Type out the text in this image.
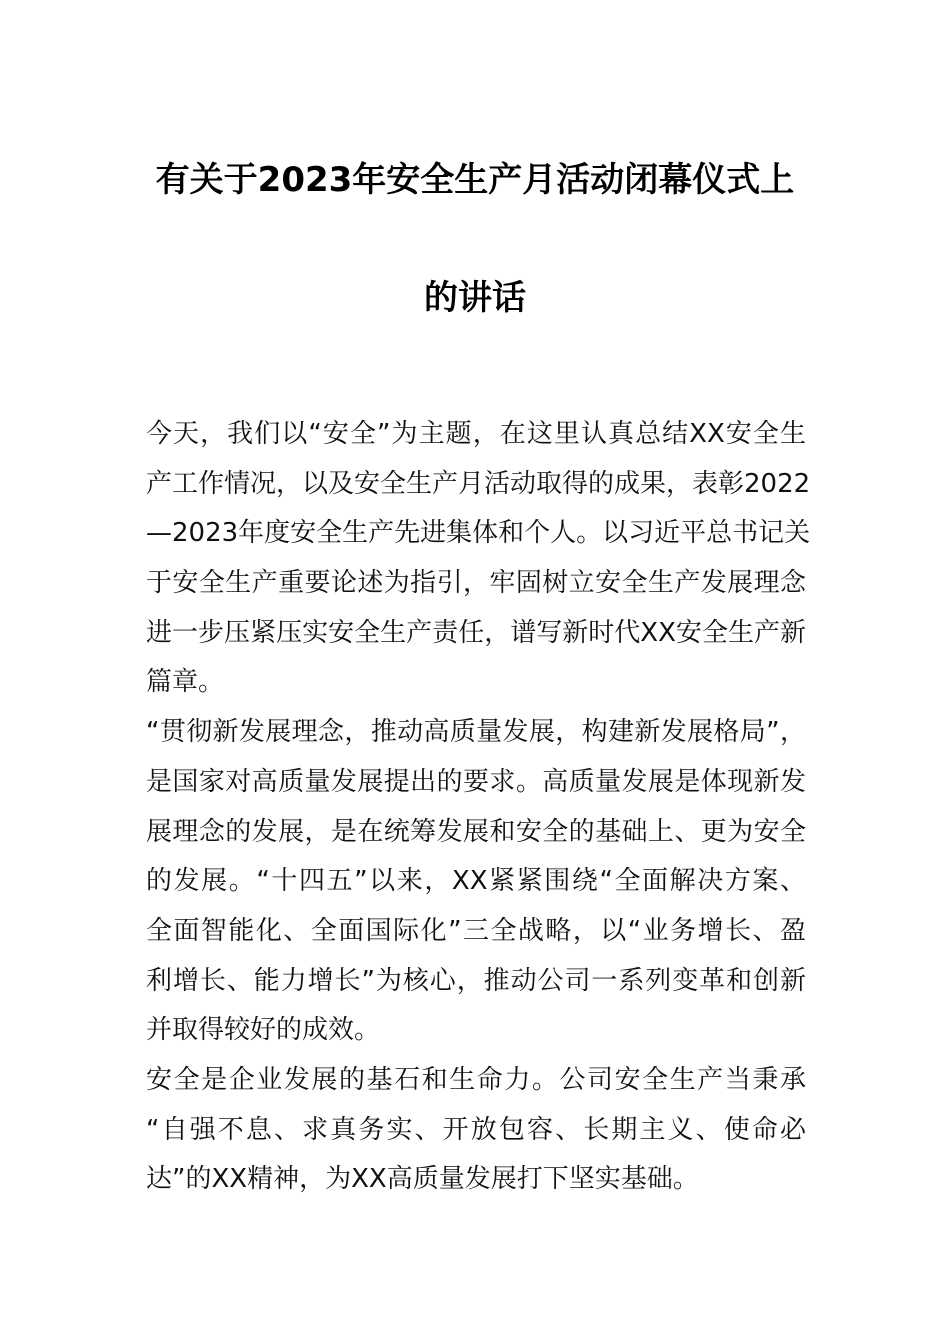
有关于2023年安全生产月活动闭幕仪式上
的讲话
今天，我们以“安全”为主题，在这里认真总结XX安全生
产工作情况，以及安全生产月活动取得的成果，表彰2022
—2023年度安全生产先进集体和个人。以习近平总书记关
于安全生产重要论述为指引，牢固树立安全生产发展理念
进一步压紧压实安全生产责任，谱写新时代XX安全生产新
篇章。
“贯彻新发展理念，推动高质量发展，构建新发展格局”，
是国家对高质量发展提出的要求。高质量发展是体现新发
展理念的发展，是在统筹发展和安全的基础上、更为安全
的发展。“十四五”以来，XX紧紧围绕“全面解决方案、
全面智能化、全面国际化”三全战略，以“业务增长、盈
利增长、能力增长”为核心，推动公司一系列变革和创新
并取得较好的成效。
安全是企业发展的基石和生命力。公司安全生产当秉承
“自强不息、求真务实、开放包容、长期主义、使命必
达”的XX精神，为XX高质量发展打下坚实基础。
